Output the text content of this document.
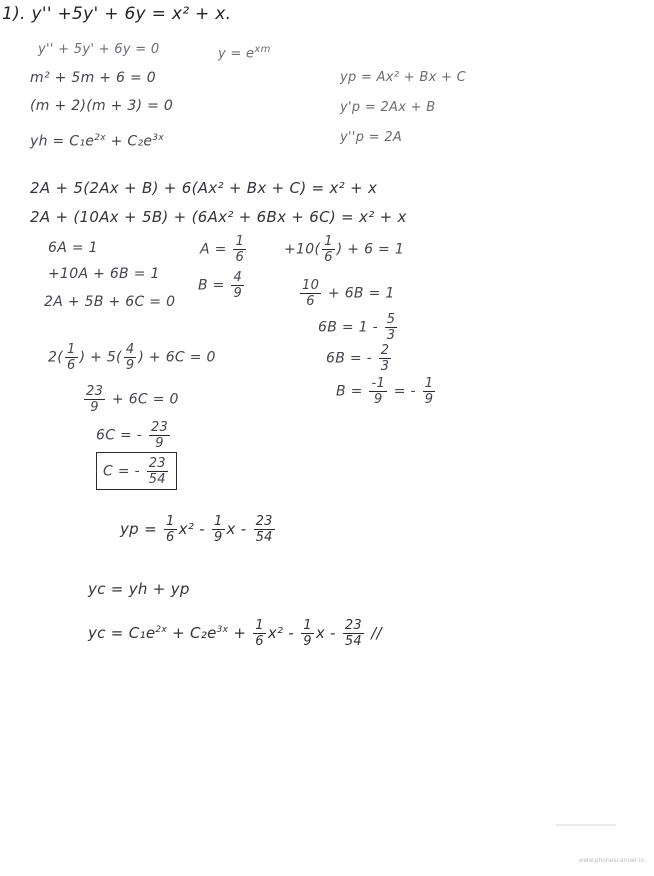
1). y'' +5y' + 6y = x² + x.
y'' + 5y' + 6y = 0	$y = e^{xm}$
m² + 5m + 6 = 0
(m + 2)(m + 3) = 0
yh = $C_1e^{2x} + C_2e^{3x}$
yp = Ax² + Bx + C
y'p = 2Ax + B
y''p = 2A
2A + 5(2Ax + B) + 6(Ax² + Bx + C) = x² + x
2A + (10Ax + 5B) + (6Ax² + 6Bx + 6C) = x² + x
6A = 1
+10A + 6B = 1
2A + 5B + 6C = 0
$A = \frac{1}{6}$
$B = \frac{4}{9}$
$+10( \frac{1}{6}$ ) + 6 = 1
$\frac{10}{6} + 6B = 1$
$6B = 1 - \frac{5}{3}$
6B = - $\frac{2}{3}$
$B = \frac{-1}{9}$ = - $\frac{1}{9}$
$2( \frac{1}{6}$ ) + $5( \frac{4}{9}$ ) + 6C = 0
$\frac{23}{9} + 6C = 0$
6C = - $\frac{23}{9}$
C = - $\frac{23}{54}$
yp = $\frac{1}{6} x^2 - \frac{1}{9}$ x - $\frac{23}{54}$
yc = yh + yp
yc = $C_1e^{2x} + C_2e^{3x} + \frac{1}{6} x^2 - \frac{1}{9}$ x - $\frac{23}{54}$ //
www.phonescanner.io
